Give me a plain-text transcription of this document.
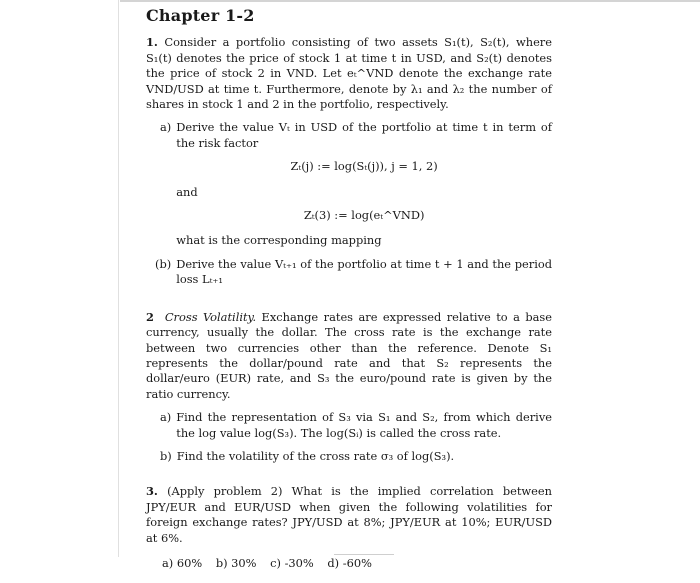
Chapter 1-2

1. Consider a portfolio consisting of two assets S₁(t), S₂(t), where S₁(t) denotes the price of stock 1 at time t in USD, and S₂(t) denotes the price of stock 2 in VND. Let eₜ^VND denote the exchange rate VND/USD at time t. Furthermore, denote by λ₁ and λ₂ the number of shares in stock 1 and 2 in the portfolio, respectively.

a) Derive the value Vₜ in USD of the portfolio at time t in term of the risk factor
Zₜ(j) := log(Sₜ(j)), j = 1, 2)
and
Zₜ(3) := log(eₜ^VND)
what is the corresponding mapping
(b) Derive the value Vₜ₊₁ of the portfolio at time t + 1 and the period loss Lₜ₊₁

2 Cross Volatility. Exchange rates are expressed relative to a base currency, usually the dollar. The cross rate is the exchange rate between two currencies other than the reference. Denote S₁ represents the dollar/pound rate and that S₂ represents the dollar/euro (EUR) rate, and S₃ the euro/pound rate is given by the ratio currency.

a) Find the representation of S₃ via S₁ and S₂, from which derive the log value log(S₃). The log(Sᵢ) is called the cross rate.
b) Find the volatility of the cross rate σ₃ of log(S₃).

3. (Apply problem 2) What is the implied correlation between JPY/EUR and EUR/USD when given the following volatilities for foreign exchange rates? JPY/USD at 8%; JPY/EUR at 10%; EUR/USD at 6%.

a) 60% b) 30% c) -30% d) -60%
